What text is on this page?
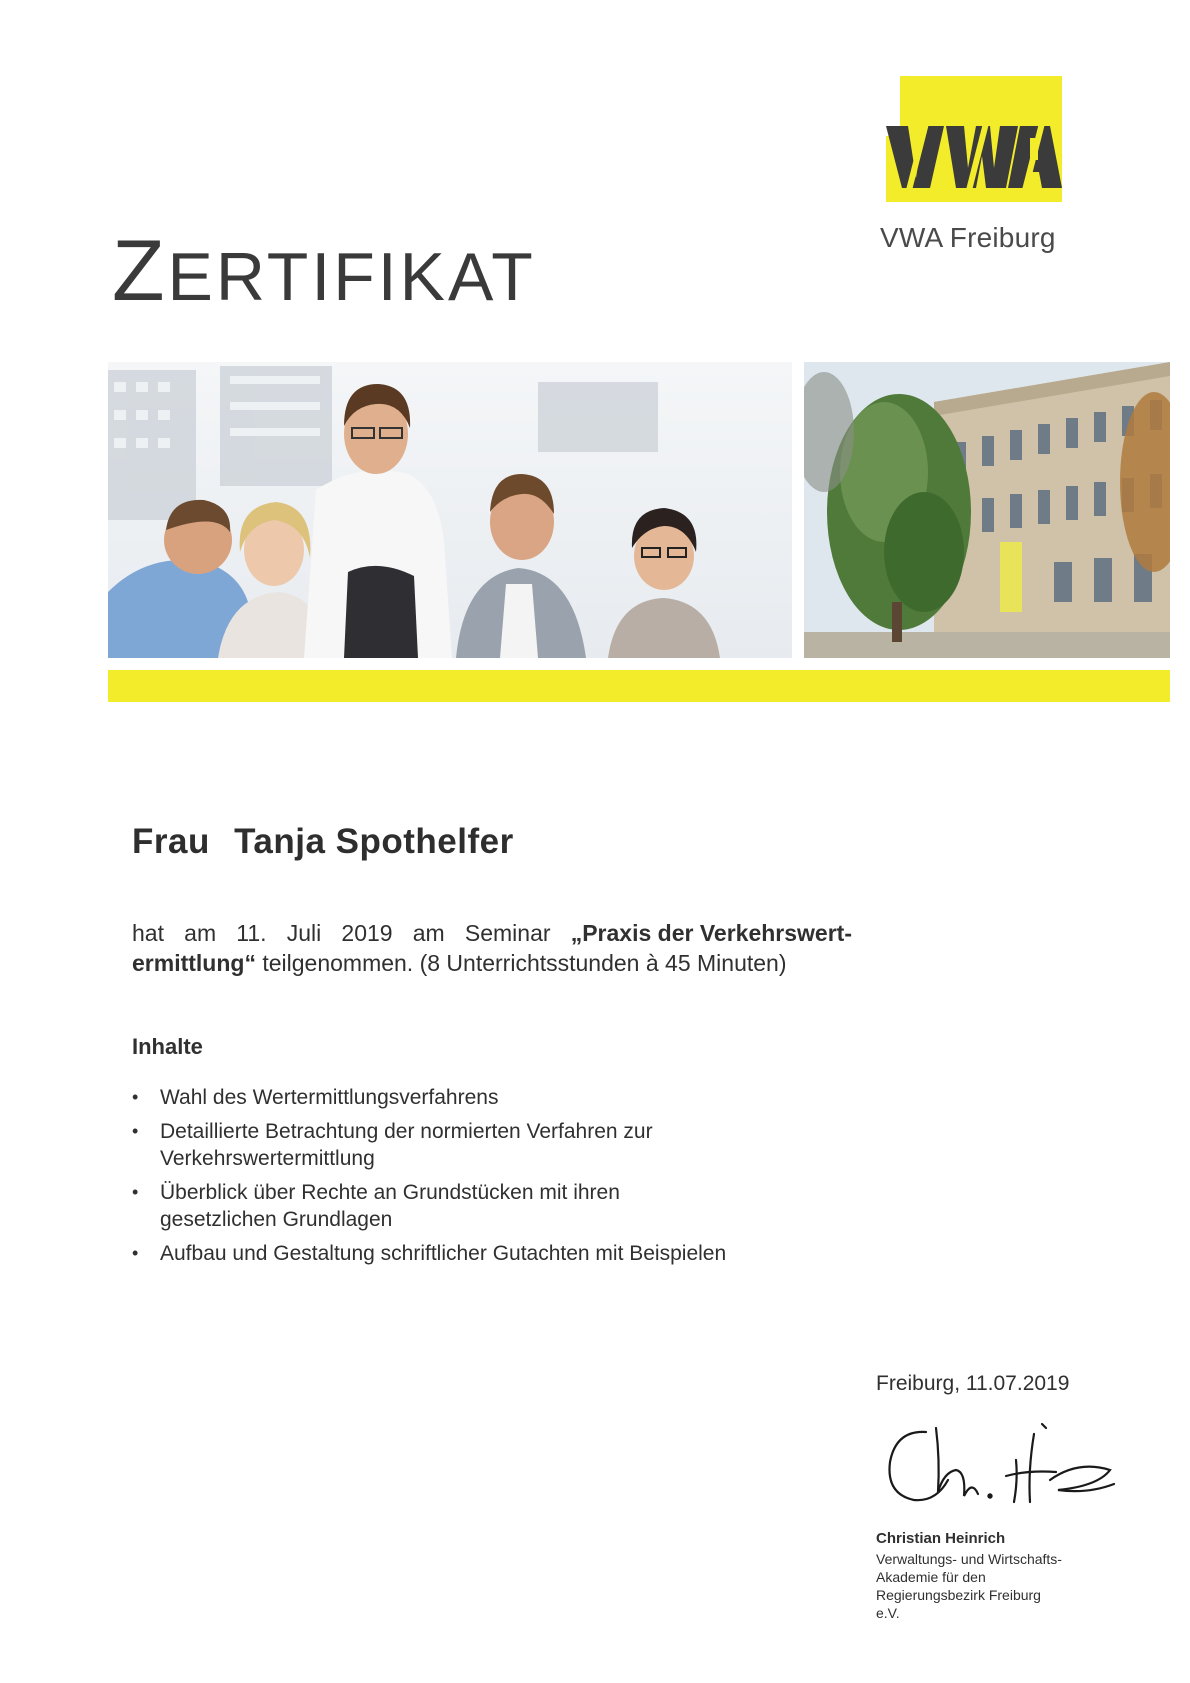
VWA Freiburg
ZERTIFIKAT
Frau Tanja Spothelfer
hat am 11. Juli 2019 am Seminar „Praxis der Verkehrswert-
ermittlung“ teilgenommen. (8 Unterrichtsstunden à 45 Minuten)
Inhalte
• Wahl des Wertermittlungsverfahrens
• Detaillierte Betrachtung der normierten Verfahren zur Verkehrswertermittlung
• Überblick über Rechte an Grundstücken mit ihren gesetzlichen Grundlagen
• Aufbau und Gestaltung schriftlicher Gutachten mit Beispielen
Freiburg, 11.07.2019
Christian Heinrich
Verwaltungs- und Wirtschafts-
Akademie für den
Regierungsbezirk Freiburg
e.V.
